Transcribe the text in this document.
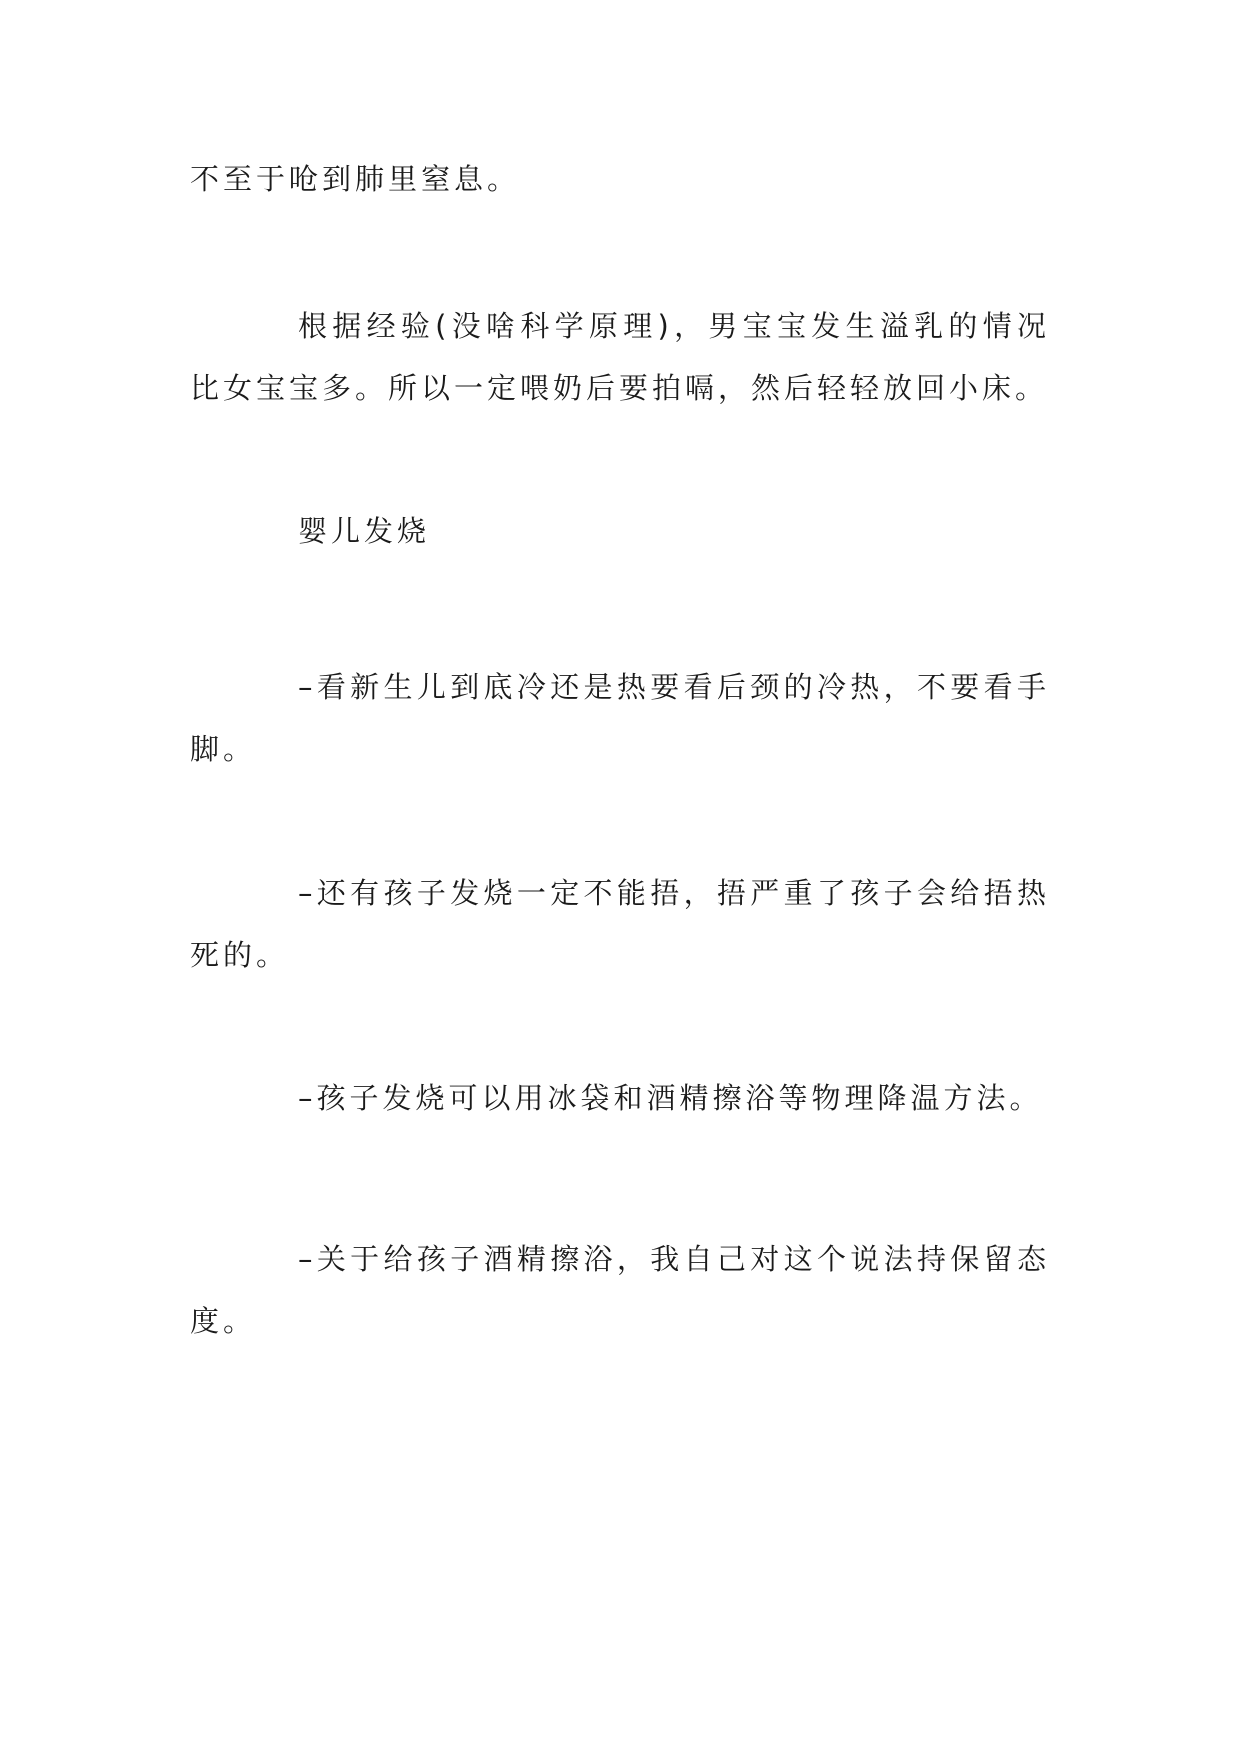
不至于呛到肺里窒息。

根据经验(没啥科学原理)，男宝宝发生溢乳的情况比女宝宝多。所以一定喂奶后要拍嗝，然后轻轻放回小床。

婴儿发烧

–看新生儿到底冷还是热要看后颈的冷热，不要看手脚。

–还有孩子发烧一定不能捂，捂严重了孩子会给捂热死的。

–孩子发烧可以用冰袋和酒精擦浴等物理降温方法。

–关于给孩子酒精擦浴，我自己对这个说法持保留态度。
